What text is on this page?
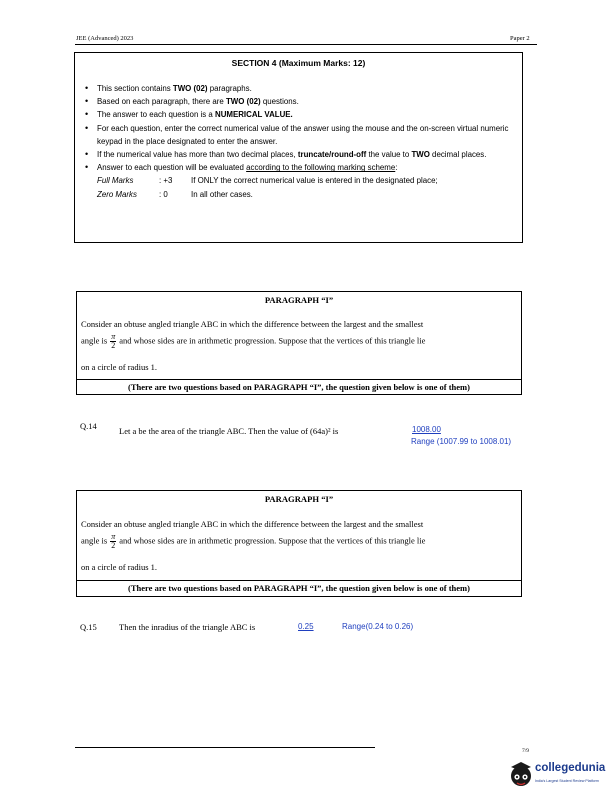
JEE (Advanced) 2023	Paper 2
SECTION 4 (Maximum Marks: 12)
• This section contains TWO (02) paragraphs.
• Based on each paragraph, there are TWO (02) questions.
• The answer to each question is a NUMERICAL VALUE.
• For each question, enter the correct numerical value of the answer using the mouse and the on-screen virtual numeric keypad in the place designated to enter the answer.
• If the numerical value has more than two decimal places, truncate/round-off the value to TWO decimal places.
• Answer to each question will be evaluated according to the following marking scheme:
Full Marks	: +3	If ONLY the correct numerical value is entered in the designated place;
Zero Marks	: 0	In all other cases.
PARAGRAPH “I”
Consider an obtuse angled triangle ABC in which the difference between the largest and the smallest
angle is $\frac{\pi}{2}$ and whose sides are in arithmetic progression. Suppose that the vertices of this triangle lie
on a circle of radius 1.
(There are two questions based on PARAGRAPH “I”, the question given below is one of them)
Q.14	Let a be the area of the triangle ABC. Then the value of (64a)² is	1008.00
Range (1007.99 to 1008.01)
PARAGRAPH “I”
Consider an obtuse angled triangle ABC in which the difference between the largest and the smallest
angle is $\frac{\pi}{2}$ and whose sides are in arithmetic progression. Suppose that the vertices of this triangle lie
on a circle of radius 1.
(There are two questions based on PARAGRAPH “I”, the question given below is one of them)
Q.15	Then the inradius of the triangle ABC is	0.25	Range(0.24 to 0.26)
7/9
collegedunia
India's Largest Student Review Platform
